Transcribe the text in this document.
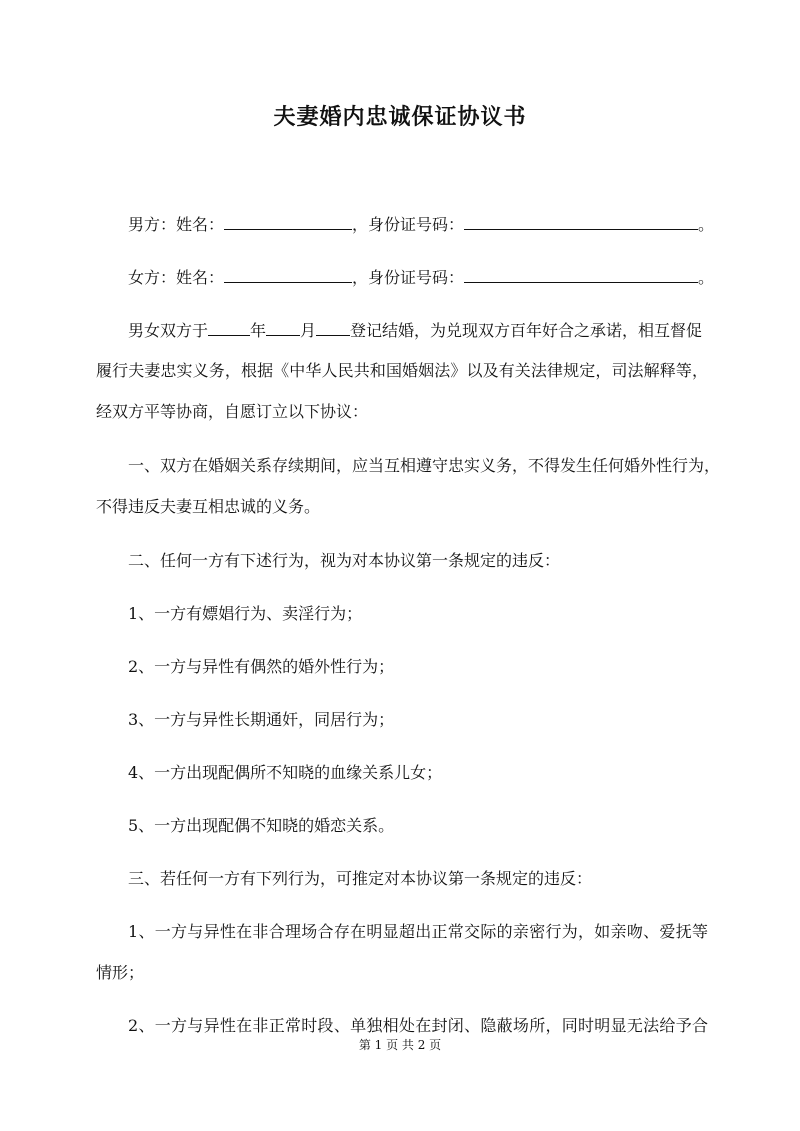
夫妻婚内忠诚保证协议书
男方：姓名：	，身份证号码：	。
女方：姓名：	，身份证号码：	。
男女双方于	年 月 登记结婚，为兑现双方百年好合之承诺，相互督促
履行夫妻忠实义务，根据《中华人民共和国婚姻法》以及有关法律规定，司法解释等，
经双方平等协商，自愿订立以下协议：
一、双方在婚姻关系存续期间，应当互相遵守忠实义务，不得发生任何婚外性行为，
不得违反夫妻互相忠诚的义务。
二、任何一方有下述行为，视为对本协议第一条规定的违反：
1、一方有嫖娼行为、卖淫行为；
2、一方与异性有偶然的婚外性行为；
3、一方与异性长期通奸，同居行为；
4、一方出现配偶所不知晓的血缘关系儿女；
5、一方出现配偶不知晓的婚恋关系。
三、若任何一方有下列行为，可推定对本协议第一条规定的违反：
1、一方与异性在非合理场合存在明显超出正常交际的亲密行为，如亲吻、爱抚等
情形；
2、一方与异性在非正常时段、单独相处在封闭、隐蔽场所，同时明显无法给予合
第 1 页 共 2 页
